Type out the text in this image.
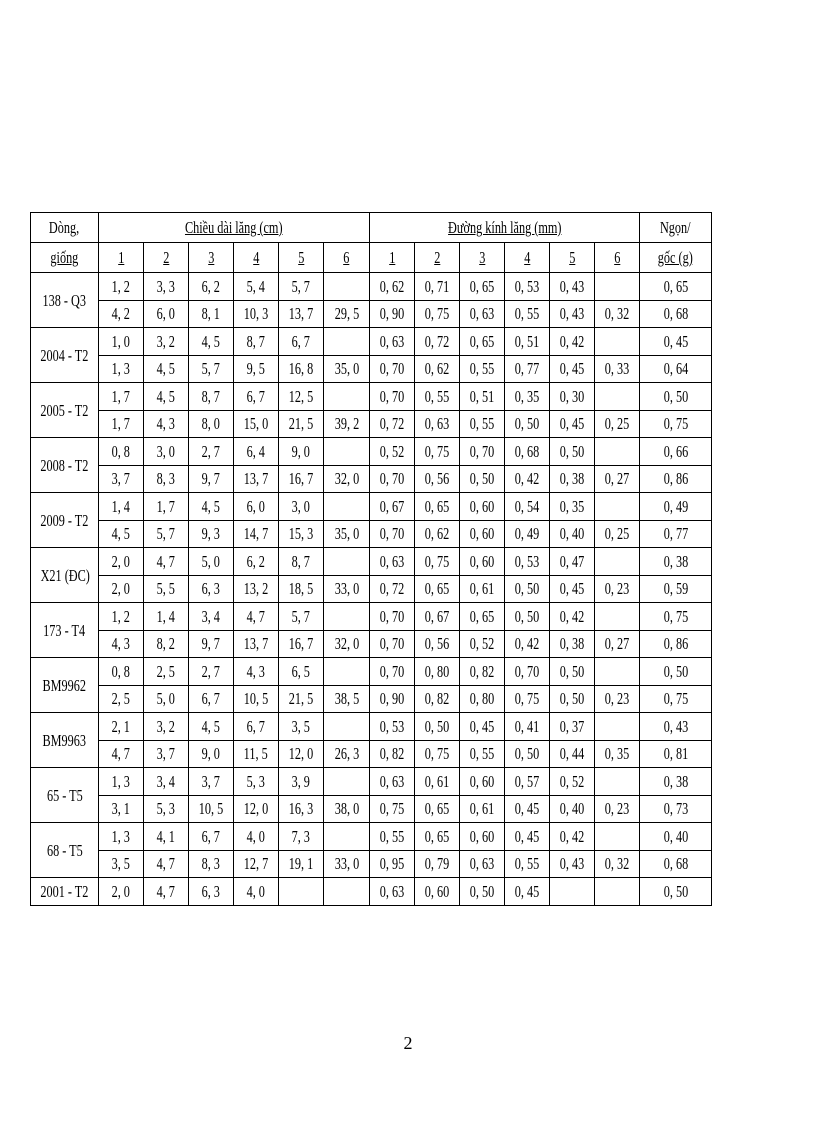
Dòng,	Chiều dài lăng (cm)						Đường kính lăng (mm)						Ngọn/
giống	1	2	3	4	5	6	1	2	3	4	5	6	gốc (g)
138 - Q3	1, 2	3, 3	6, 2	5, 4	5, 7		0, 62	0, 71	0, 65	0, 53	0, 43		0, 65
	4, 2	6, 0	8, 1	10, 3	13, 7	29, 5	0, 90	0, 75	0, 63	0, 55	0, 43	0, 32	0, 68
2004 - T2	1, 0	3, 2	4, 5	8, 7	6, 7		0, 63	0, 72	0, 65	0, 51	0, 42		0, 45
	1, 3	4, 5	5, 7	9, 5	16, 8	35, 0	0, 70	0, 62	0, 55	0, 77	0, 45	0, 33	0, 64
2005 - T2	1, 7	4, 5	8, 7	6, 7	12, 5		0, 70	0, 55	0, 51	0, 35	0, 30		0, 50
	1, 7	4, 3	8, 0	15, 0	21, 5	39, 2	0, 72	0, 63	0, 55	0, 50	0, 45	0, 25	0, 75
2008 - T2	0, 8	3, 0	2, 7	6, 4	9, 0		0, 52	0, 75	0, 70	0, 68	0, 50		0, 66
	3, 7	8, 3	9, 7	13, 7	16, 7	32, 0	0, 70	0, 56	0, 50	0, 42	0, 38	0, 27	0, 86
2009 - T2	1, 4	1, 7	4, 5	6, 0	3, 0		0, 67	0, 65	0, 60	0, 54	0, 35		0, 49
	4, 5	5, 7	9, 3	14, 7	15, 3	35, 0	0, 70	0, 62	0, 60	0, 49	0, 40	0, 25	0, 77
X21 (ĐC)	2, 0	4, 7	5, 0	6, 2	8, 7		0, 63	0, 75	0, 60	0, 53	0, 47		0, 38
	2, 0	5, 5	6, 3	13, 2	18, 5	33, 0	0, 72	0, 65	0, 61	0, 50	0, 45	0, 23	0, 59
173 - T4	1, 2	1, 4	3, 4	4, 7	5, 7		0, 70	0, 67	0, 65	0, 50	0, 42		0, 75
	4, 3	8, 2	9, 7	13, 7	16, 7	32, 0	0, 70	0, 56	0, 52	0, 42	0, 38	0, 27	0, 86
BM9962	0, 8	2, 5	2, 7	4, 3	6, 5		0, 70	0, 80	0, 82	0, 70	0, 50		0, 50
	2, 5	5, 0	6, 7	10, 5	21, 5	38, 5	0, 90	0, 82	0, 80	0, 75	0, 50	0, 23	0, 75
BM9963	2, 1	3, 2	4, 5	6, 7	3, 5		0, 53	0, 50	0, 45	0, 41	0, 37		0, 43
	4, 7	3, 7	9, 0	11, 5	12, 0	26, 3	0, 82	0, 75	0, 55	0, 50	0, 44	0, 35	0, 81
65 - T5	1, 3	3, 4	3, 7	5, 3	3, 9		0, 63	0, 61	0, 60	0, 57	0, 52		0, 38
	3, 1	5, 3	10, 5	12, 0	16, 3	38, 0	0, 75	0, 65	0, 61	0, 45	0, 40	0, 23	0, 73
68 - T5	1, 3	4, 1	6, 7	4, 0	7, 3		0, 55	0, 65	0, 60	0, 45	0, 42		0, 40
	3, 5	4, 7	8, 3	12, 7	19, 1	33, 0	0, 95	0, 79	0, 63	0, 55	0, 43	0, 32	0, 68
2001 - T2	2, 0	4, 7	6, 3	4, 0			0, 63	0, 60	0, 50	0, 45			0, 50
2
